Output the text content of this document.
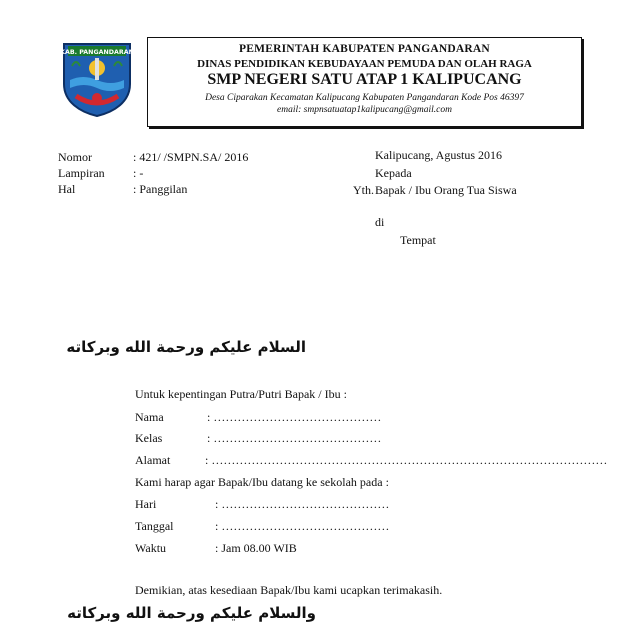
KAB. PANGANDARAN	PEMERINTAH KABUPATEN PANGANDARAN
DINAS PENDIDIKAN KEBUDAYAAN PEMUDA DAN OLAH RAGA
SMP NEGERI SATU ATAP 1 KALIPUCANG
Desa Ciparakan Kecamatan Kalipucang Kabupaten Pangandaran Kode Pos 46397
email: smpnsatuatap1kalipucang@gmail.com
Nomor	: 421/ /SMPN.SA/ 2016
Lampiran : -
Hal	: Panggilan
Kalipucang, Agustus 2016
Kepada
Yth. Bapak / Ibu Orang Tua Siswa
di
Tempat
السلام عليكم ورحمة الله وبركاته
Untuk kepentingan Putra/Putri Bapak / Ibu :
Nama	: ……………………………………
Kelas	: ……………………………………
Alamat	: ………………………………………………………………………………………
Kami harap agar Bapak/Ibu datang ke sekolah pada :
Hari	: ……………………………………
Tanggal	: ……………………………………
Waktu	: Jam 08.00 WIB
Demikian, atas kesediaan Bapak/Ibu kami ucapkan terimakasih.
والسلام عليكم ورحمة الله وبركاته
